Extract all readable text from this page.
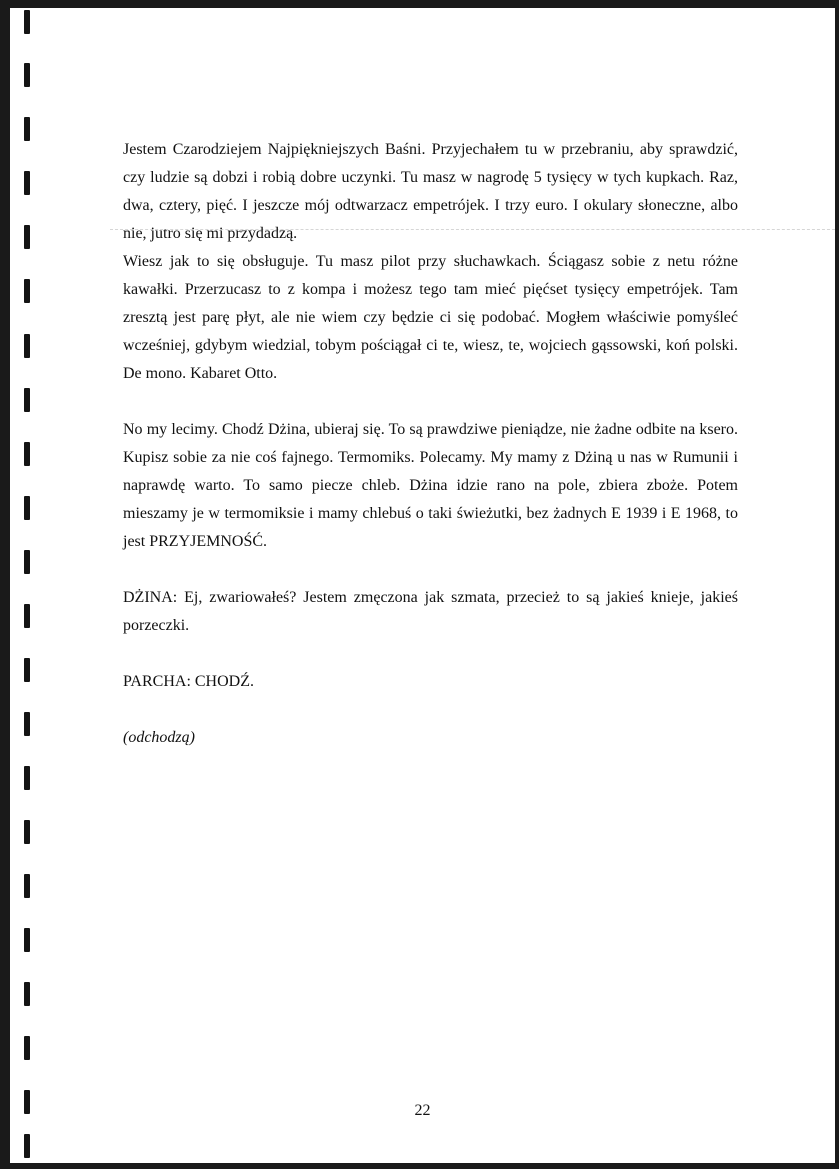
Jestem Czarodziejem Najpiękniejszych Baśni. Przyjechałem tu w przebraniu, aby sprawdzić, czy ludzie są dobzi i robią dobre uczynki. Tu masz w nagrodę 5 tysięcy w tych kupkach. Raz, dwa, cztery, pięć. I jeszcze mój odtwarzacz empetrójek. I trzy euro. I okulary słoneczne, albo nie, jutro się mi przydadzą.

Wiesz jak to się obsługuje. Tu masz pilot przy słuchawkach. Ściągasz sobie z netu różne kawałki. Przerzucasz to z kompa i możesz tego tam mieć pięćset tysięcy empetrójek. Tam zresztą jest parę płyt, ale nie wiem czy będzie ci się podobać. Mogłem właściwie pomyśleć wcześniej, gdybym wiedzial, tobym pościągał ci te, wiesz, te, wojciech gąssowski, koń polski. De mono. Kabaret Otto.

No my lecimy. Chodź Dżina, ubieraj się. To są prawdziwe pieniądze, nie żadne odbite na ksero. Kupisz sobie za nie coś fajnego. Termomiks. Polecamy. My mamy z Dżiną u nas w Rumunii i naprawdę warto. To samo piecze chleb. Dżina idzie rano na pole, zbiera zboże. Potem mieszamy je w termomiksie i mamy chlebuś o taki świeżutki, bez żadnych E 1939 i E 1968, to jest PRZYJEMNOŚĆ.

DŻINA: Ej, zwariowałeś? Jestem zmęczona jak szmata, przecież to są jakieś knieje, jakieś porzeczki.

PARCHA: CHODŹ.

(odchodzą)

22
